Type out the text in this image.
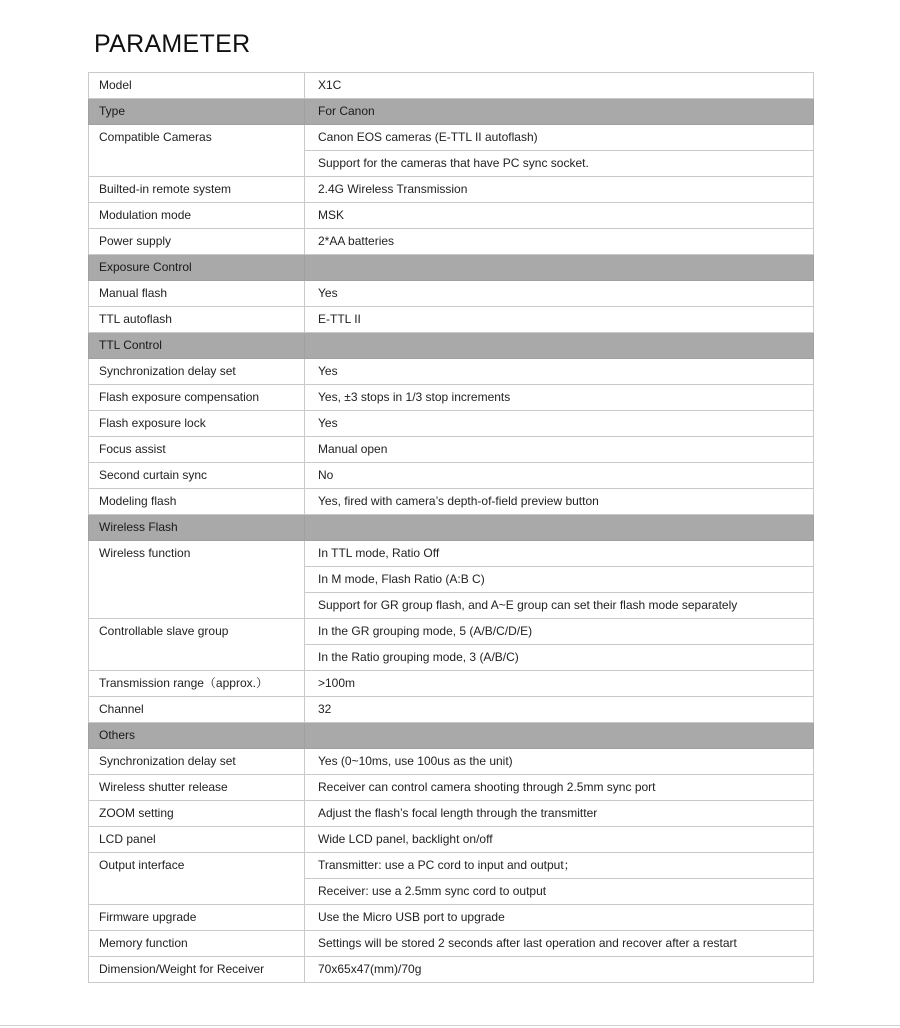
PARAMETER
Model	X1C
Type	For Canon
Compatible Cameras	Canon EOS cameras (E-TTL II autoflash)
	Support for the cameras that have PC sync socket.
Builted-in remote system	2.4G Wireless Transmission
Modulation mode	MSK
Power supply	2*AA batteries
Exposure Control	
Manual flash	Yes
TTL autoflash	E-TTL II
TTL Control	
Synchronization delay set	Yes
Flash exposure compensation	Yes, ±3 stops in 1/3 stop increments
Flash exposure lock	Yes
Focus assist	Manual open
Second curtain sync	No
Modeling flash	Yes, fired with camera’s depth-of-field preview button
Wireless Flash	
Wireless function	In TTL mode, Ratio Off
	In M mode, Flash Ratio (A:B C)
	Support for GR group flash, and A~E group can set their flash mode separately
Controllable slave group	In the GR grouping mode, 5 (A/B/C/D/E)
	In the Ratio grouping mode, 3 (A/B/C)
Transmission range（approx.）	>100m
Channel	32
Others	
Synchronization delay set	Yes (0~10ms, use 100us as the unit)
Wireless shutter release	Receiver can control camera shooting through 2.5mm sync port
ZOOM setting	Adjust the flash’s focal length through the transmitter
LCD panel	Wide LCD panel, backlight on/off
Output interface	Transmitter: use a PC cord to input and output；
	Receiver: use a 2.5mm sync cord to output
Firmware upgrade	Use the Micro USB port to upgrade
Memory function	Settings will be stored 2 seconds after last operation and recover after a restart
Dimension/Weight for Receiver	70x65x47(mm)/70g
